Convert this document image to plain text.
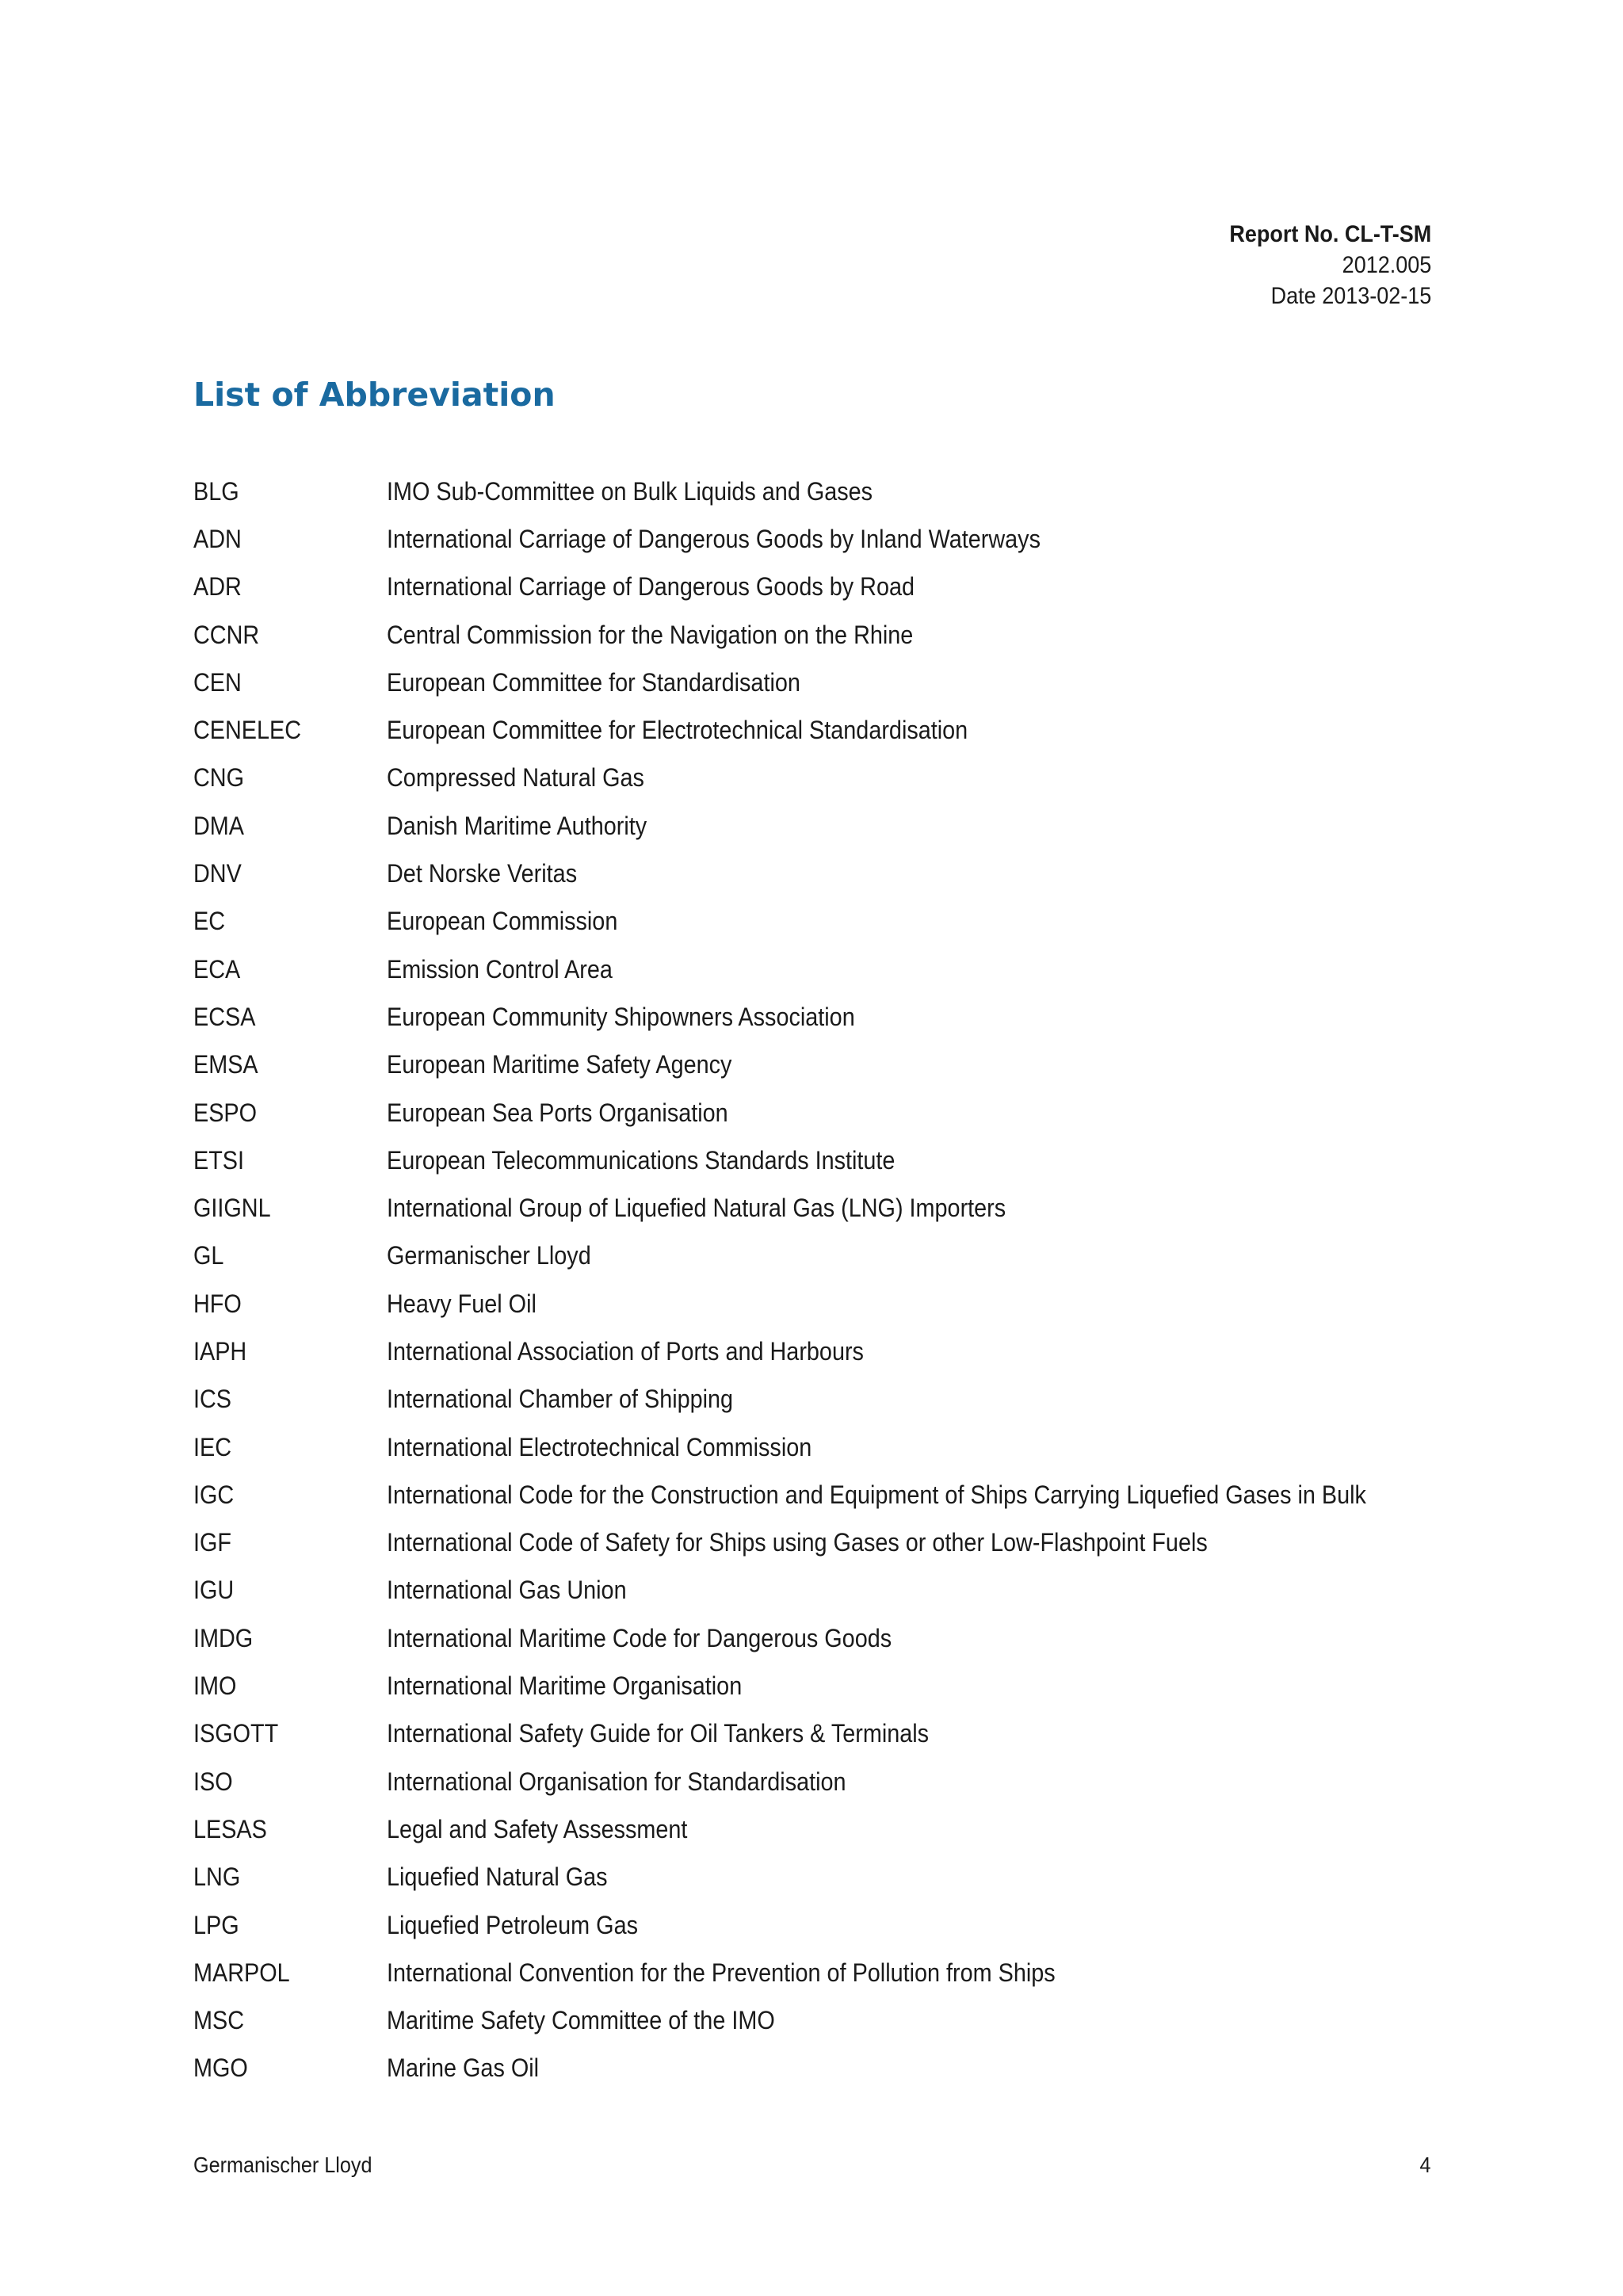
Report No. CL-T-SM
2012.005
Date 2013-02-15
List of Abbreviation
BLG	IMO Sub-Committee on Bulk Liquids and Gases
ADN	International Carriage of Dangerous Goods by Inland Waterways
ADR	International Carriage of Dangerous Goods by Road
CCNR	Central Commission for the Navigation on the Rhine
CEN	European Committee for Standardisation
CENELEC	European Committee for Electrotechnical Standardisation
CNG	Compressed Natural Gas
DMA	Danish Maritime Authority
DNV	Det Norske Veritas
EC	European Commission
ECA	Emission Control Area
ECSA	European Community Shipowners Association
EMSA	European Maritime Safety Agency
ESPO	European Sea Ports Organisation
ETSI	European Telecommunications Standards Institute
GIIGNL	International Group of Liquefied Natural Gas (LNG) Importers
GL	Germanischer Lloyd
HFO	Heavy Fuel Oil
IAPH	International Association of Ports and Harbours
ICS	International Chamber of Shipping
IEC	International Electrotechnical Commission
IGC	International Code for the Construction and Equipment of Ships Carrying Liquefied Gases in Bulk
IGF	International Code of Safety for Ships using Gases or other Low-Flashpoint Fuels
IGU	International Gas Union
IMDG	International Maritime Code for Dangerous Goods
IMO	International Maritime Organisation
ISGOTT	International Safety Guide for Oil Tankers & Terminals
ISO	International Organisation for Standardisation
LESAS	Legal and Safety Assessment
LNG	Liquefied Natural Gas
LPG	Liquefied Petroleum Gas
MARPOL	International Convention for the Prevention of Pollution from Ships
MSC	Maritime Safety Committee of the IMO
MGO	Marine Gas Oil
Germanischer Lloyd	4
